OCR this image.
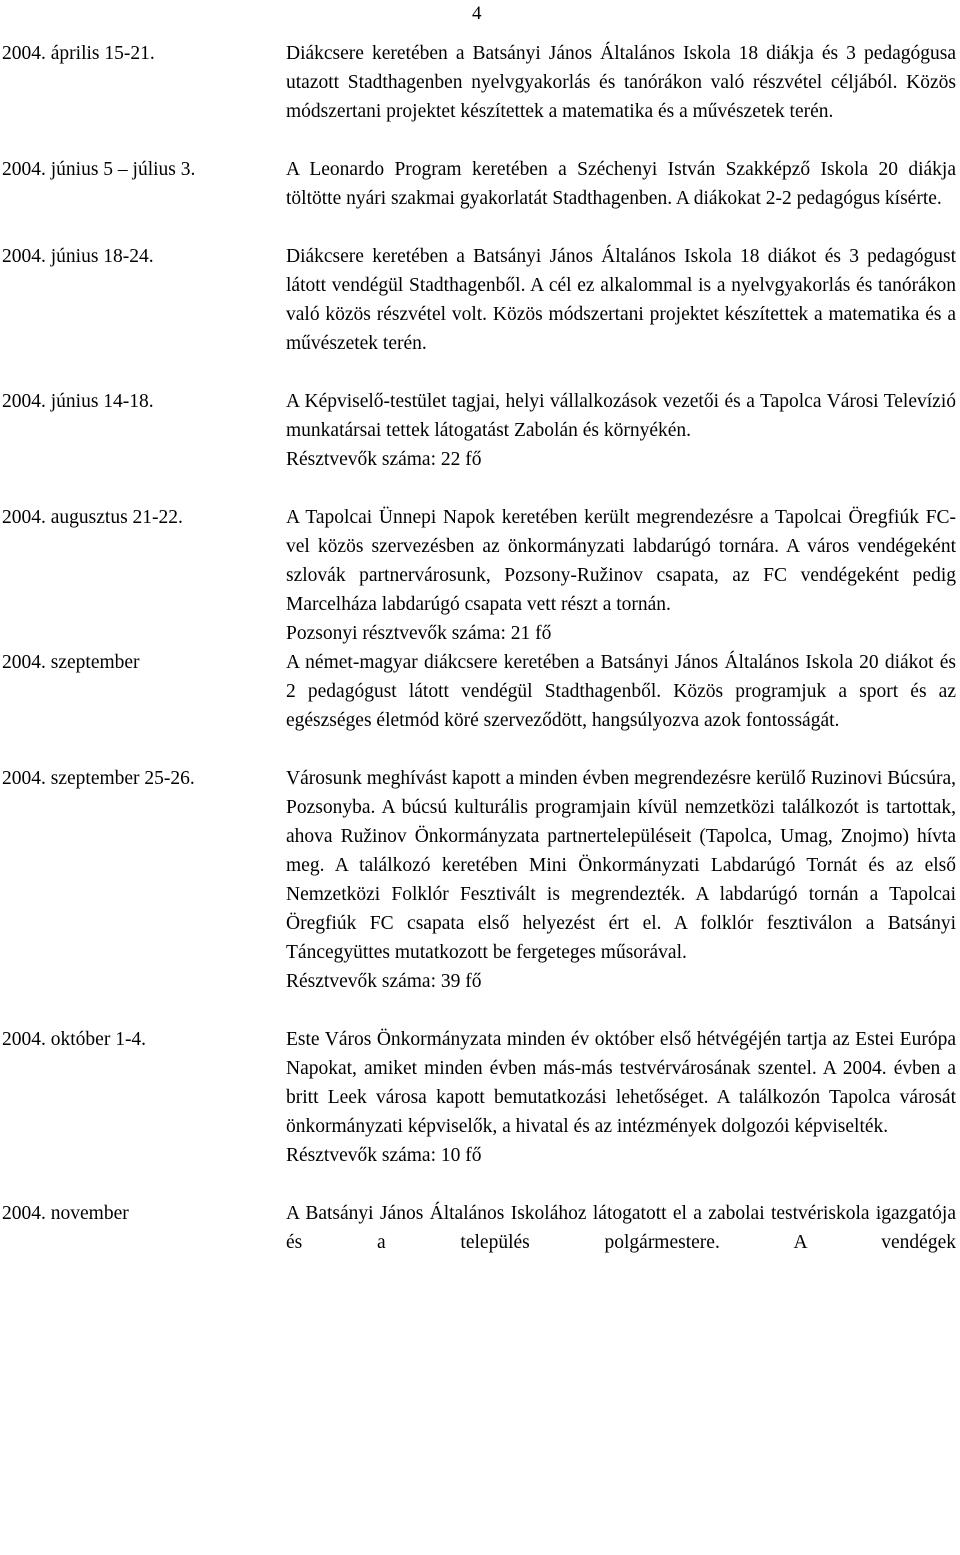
4
2004. április 15-21.	Diákcsere keretében a Batsányi János Általános Iskola 18 diákja és 3 pedagógusa utazott Stadthagenben nyelvgyakorlás és tanórákon való részvétel céljából. Közös módszertani projektet készítettek a matematika és a művészetek terén.

2004. június 5 – július 3.	A Leonardo Program keretében a Széchenyi István Szakképző Iskola 20 diákja töltötte nyári szakmai gyakorlatát Stadthagenben. A diákokat 2-2 pedagógus kísérte.

2004. június 18-24.	Diákcsere keretében a Batsányi János Általános Iskola 18 diákot és 3 pedagógust látott vendégül Stadthagenből. A cél ez alkalommal is a nyelvgyakorlás és tanórákon való közös részvétel volt. Közös módszertani projektet készítettek a matematika és a művészetek terén.

2004. június 14-18.	A Képviselő-testület tagjai, helyi vállalkozások vezetői és a Tapolca Városi Televízió munkatársai tettek látogatást Zabolán és környékén.

Résztvevők száma: 22 fő

2004. augusztus 21-22.	A Tapolcai Ünnepi Napok keretében került megrendezésre a Tapolcai Öregfiúk FC-vel közös szervezésben az önkormányzati labdarúgó tornára. A város vendégeként szlovák partnervárosunk, Pozsony-Ružinov csapata, az FC vendégeként pedig Marcelháza labdarúgó csapata vett részt a tornán.

Pozsonyi résztvevők száma: 21 fő

2004. szeptember	A német-magyar diákcsere keretében a Batsányi János Általános Iskola 20 diákot és 2 pedagógust látott vendégül Stadthagenből. Közös programjuk a sport és az egészséges életmód köré szerveződött, hangsúlyozva azok fontosságát.

2004. szeptember 25-26.	Városunk meghívást kapott a minden évben megrendezésre kerülő Ruzinovi Búcsúra, Pozsonyba. A búcsú kulturális programjain kívül nemzetközi találkozót is tartottak, ahova Ružinov Önkormányzata partnertelepüléseit (Tapolca, Umag, Znojmo) hívta meg. A találkozó keretében Mini Önkormányzati Labdarúgó Tornát és az első Nemzetközi Folklór Fesztivált is megrendezték. A labdarúgó tornán a Tapolcai Öregfiúk FC csapata első helyezést ért el. A folklór fesztiválon a Batsányi Táncegyüttes mutatkozott be fergeteges műsorával.

Résztvevők száma: 39 fő

2004. október 1-4.	Este Város Önkormányzata minden év október első hétvégéjén tartja az Estei Európa Napokat, amiket minden évben más-más testvérvárosának szentel. A 2004. évben a britt Leek városa kapott bemutatkozási lehetőséget. A találkozón Tapolca városát önkormányzati képviselők, a hivatal és az intézmények dolgozói képviselték.

Résztvevők száma: 10 fő

2004. november	A Batsányi János Általános Iskolához látogatott el a zabolai testvériskola igazgatója és a település polgármestere. A vendégek
